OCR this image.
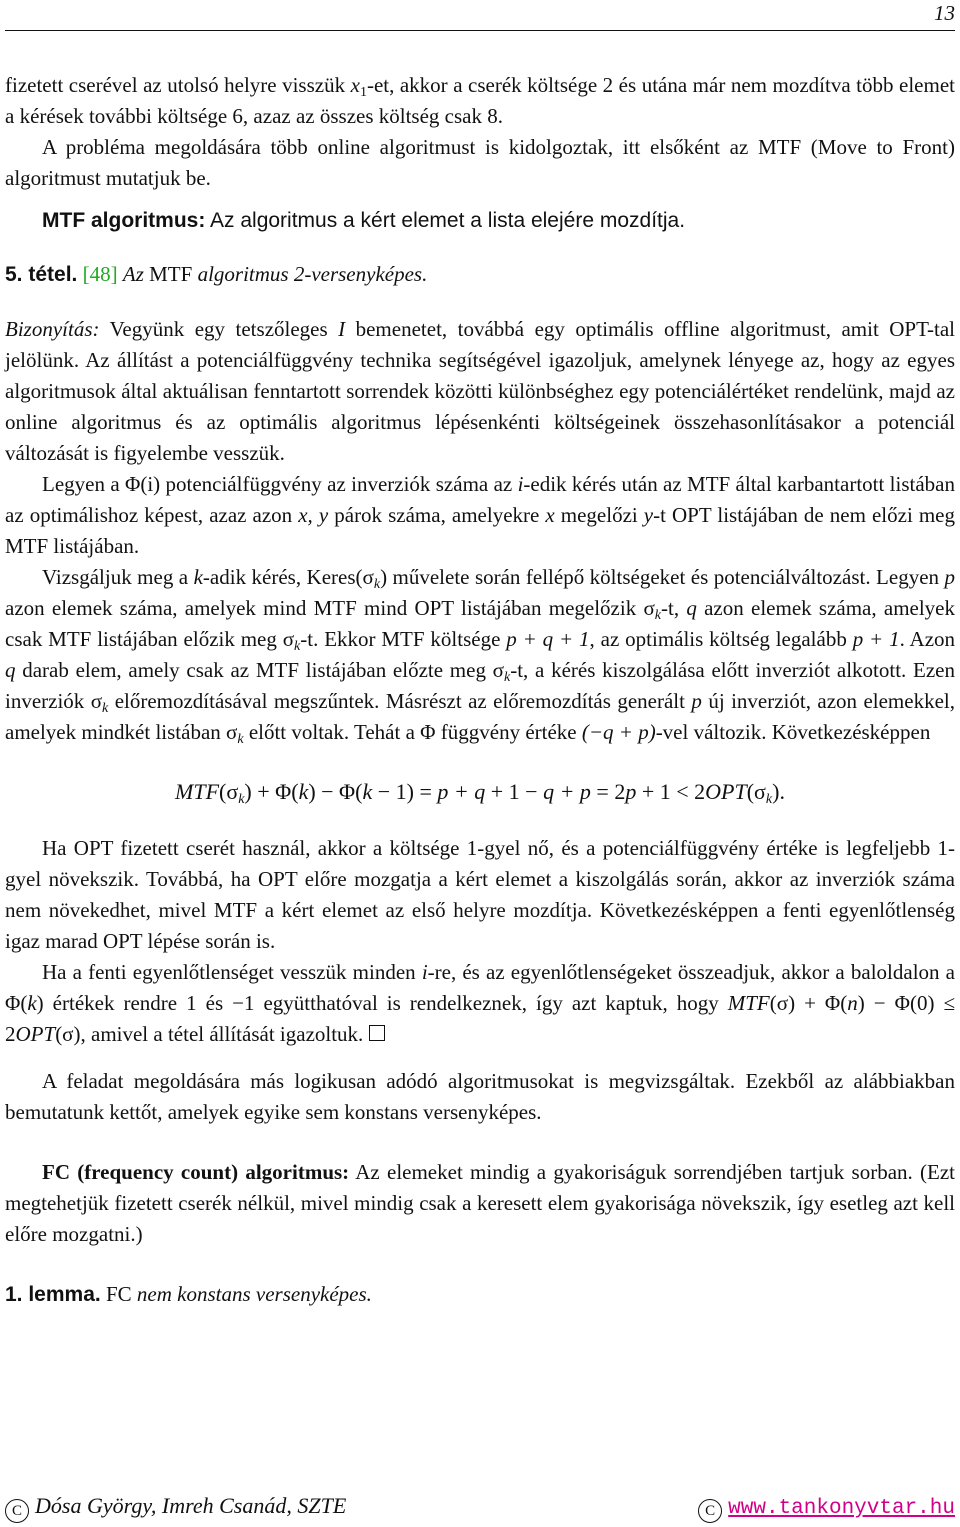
13

fizetett cserével az utolsó helyre visszük $x_1-et$, akkor a cserék költsége 2 és utána már nem mozdítva több elemet a kérések további költsége 6, azaz az összes költség csak 8.

A probléma megoldására több online algoritmust is kidolgoztak, itt elsőként az MTF (Move to Front) algoritmust mutatjuk be.

MTF algoritmus: Az algoritmus a kért elemet a lista elejére mozdítja.

5. tétel. [48] Az MTF algoritmus 2-versenyképes.

Bizonyítás: Vegyünk egy tetszőleges I bemenetet, továbbá egy optimális offline algoritmust, amit OPT-tal jelölünk. Az állítást a potenciálfüggvény technika segítségével igazoljuk, amelynek lényege az, hogy az egyes algoritmusok által aktuálisan fenntartott sorrendek közötti különbséghez egy potenciálértéket rendelünk, majd az online algoritmus és az optimális algoritmus lépésenkénti költségeinek összehasonlításakor a potenciál változását is figyelembe vesszük.

Legyen a Φ(i) potenciálfüggvény az inverziók száma az i-edik kérés után az MTF által karbantartott listában az optimálishoz képest, azaz azon x, y párok száma, amelyekre x megelőzi y-t OPT listájában de nem előzi meg MTF listájában.

Vizsgáljuk meg a k-adik kérés, $Keres(\sigma_k)$ műveletе során fellépő költségeket és potenciálváltozást. Legyen p azon elemek száma, amelyek mind MTF mind OPT listájában megelőzik $\sigma_k-t$, q azon elemek száma, amelyek csak MTF listájában előzik meg $\sigma_k-t$. Ekkor MTF költsége p + q + 1, az optimális költség legalább p + 1. Azon q darab elem, amely csak az MTF listájában előzte meg $\sigma_k-t$, a kérés kiszolgálása előtt inverziót alkotott. Ezen inverziók $\sigma_k$ előremozdításával megszűntek. Másrészt az előremozdítás generált p új inverziót, azon elemekkel, amelyek mindkét listában $\sigma_k$ előtt voltak. Tehát a Φ függvény értéke (−q + p)-vel változik. Következésképpen

$MTF(\sigma_k) + \Phi(k) - \Phi(k - 1) = p + q + 1 - q + p = 2p + 1 < 2OPT(\sigma_k)$.

Ha OPT fizetett cserét használ, akkor a költsége 1-gyel nő, és a potenciálfüggvény értéke is legfeljebb 1-gyel növekszik. Továbbá, ha OPT előre mozgatja a kért elemet a kiszolgálás során, akkor az inverziók száma nem növekedhet, mivel MTF a kért elemet az első helyre mozdítja. Következésképpen a fenti egyenlőtlenség igaz marad OPT lépése során is.

Ha a fenti egyenlőtlenséget vesszük minden i-re, és az egyenlőtlenségeket összeadjuk, akkor a baloldalon a Φ(k) értékek rendre 1 és −1 együtthatóval is rendelkeznek, így azt kaptuk, hogy MTF(σ) + Φ(n) − Φ(0) ≤ 2OPT(σ), amivel a tétel állítását igazoltuk.

A feladat megoldására más logikusan adódó algoritmusokat is megvizsgáltak. Ezekből az alábbiakban bemutatunk kettőt, amelyek egyike sem konstans versenyképes.

FC (frequency count) algoritmus: Az elemeket mindig a gyakoriságuk sorrendjében tartjuk sorban. (Ezt megtehetjük fizetett cserék nélkül, mivel mindig csak a keresett elem gyakorisága növekszik, így esetleg azt kell előre mozgatni.)

1. lemma. FC nem konstans versenyképes.

C Dósa György, Imreh Csanád, SZTE	C www.tankonyvtar.hu
